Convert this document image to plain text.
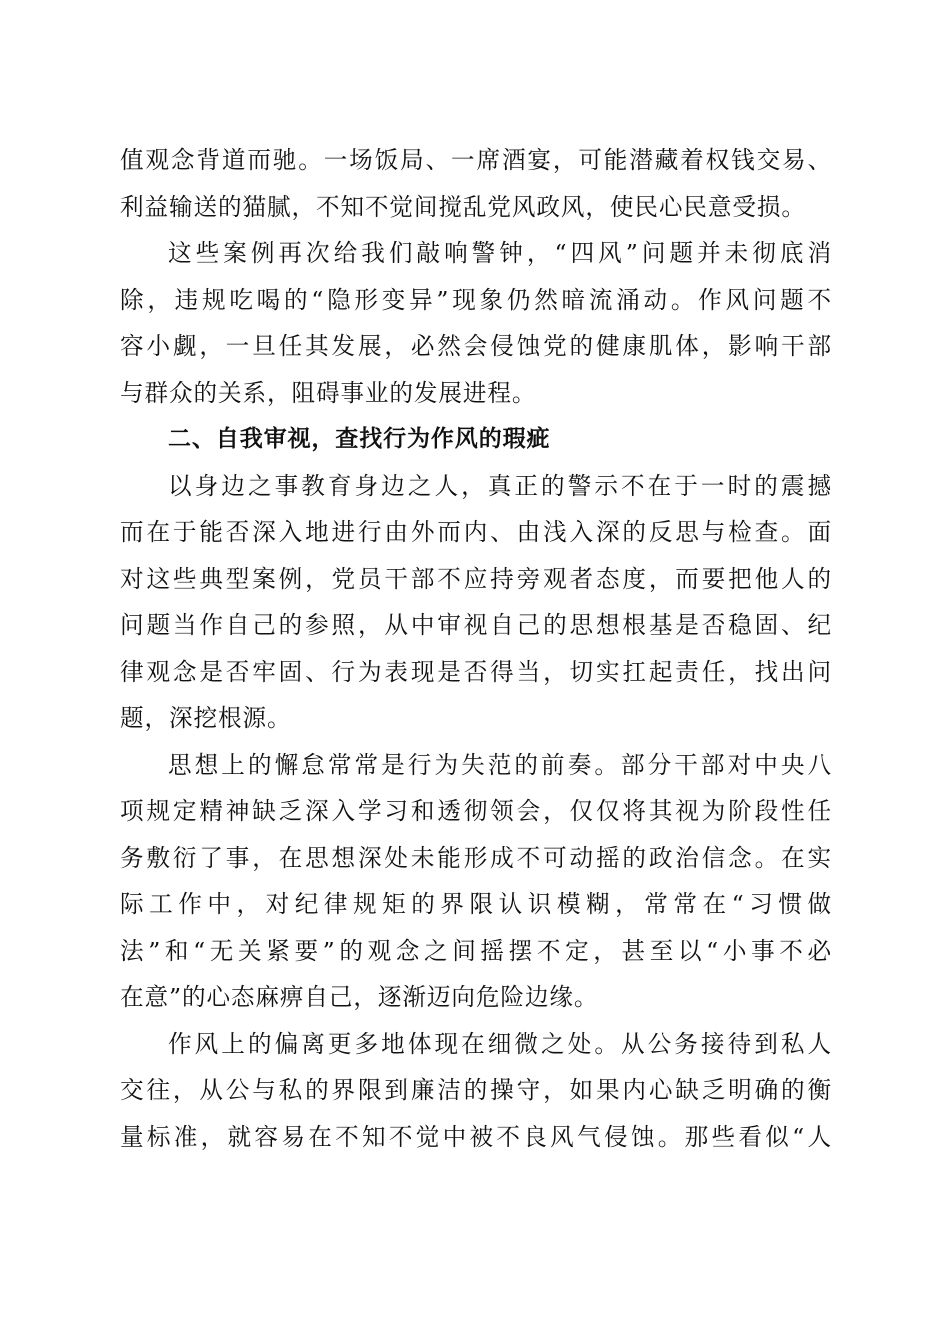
值观念背道而驰。一场饭局、一席酒宴，可能潜藏着权钱交易、
利益输送的猫腻，不知不觉间搅乱党风政风，使民心民意受损。
这些案例再次给我们敲响警钟，“四风”问题并未彻底消
除，违规吃喝的“隐形变异”现象仍然暗流涌动。作风问题不
容小觑，一旦任其发展，必然会侵蚀党的健康肌体，影响干部
与群众的关系，阻碍事业的发展进程。
二、自我审视，查找行为作风的瑕疵
以身边之事教育身边之人，真正的警示不在于一时的震撼
而在于能否深入地进行由外而内、由浅入深的反思与检查。面
对这些典型案例，党员干部不应持旁观者态度，而要把他人的
问题当作自己的参照，从中审视自己的思想根基是否稳固、纪
律观念是否牢固、行为表现是否得当，切实扛起责任，找出问
题，深挖根源。
思想上的懈怠常常是行为失范的前奏。部分干部对中央八
项规定精神缺乏深入学习和透彻领会，仅仅将其视为阶段性任
务敷衍了事，在思想深处未能形成不可动摇的政治信念。在实
际工作中，对纪律规矩的界限认识模糊，常常在“习惯做
法”和“无关紧要”的观念之间摇摆不定，甚至以“小事不必
在意”的心态麻痹自己，逐渐迈向危险边缘。
作风上的偏离更多地体现在细微之处。从公务接待到私人
交往，从公与私的界限到廉洁的操守，如果内心缺乏明确的衡
量标准，就容易在不知不觉中被不良风气侵蚀。那些看似“人
